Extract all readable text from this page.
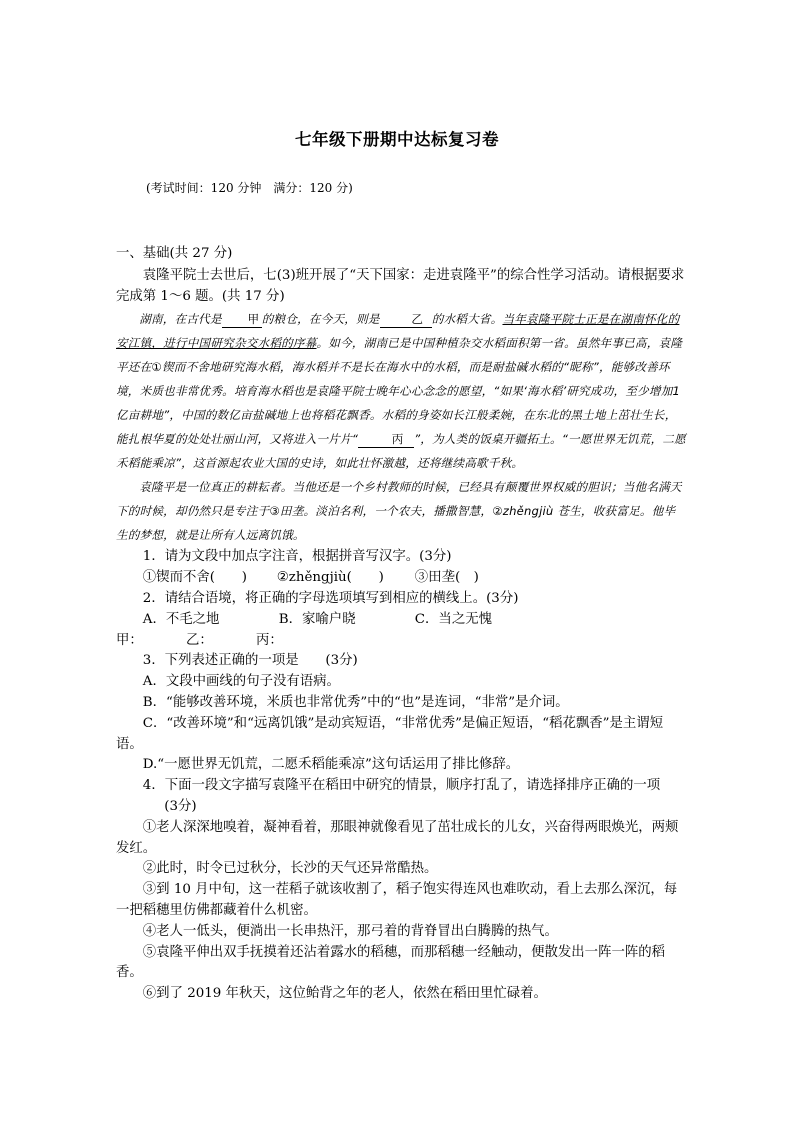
七年级下册期中达标复习卷
(考试时间：120 分钟　满分：120 分)

一、基础(共 27 分)

袁隆平院士去世后，七(3)班开展了“天下国家：走进袁隆平”的综合性学习活动。请根据要求完成第 1～6 题。(共 17 分)

湖南，在古代是 甲 的粮仓，在今天，则是	乙 的水稻大省。当年袁隆平院士正是在湖南怀化的安江镇，进行中国研究杂交水稻的序幕。如今，湖南已是中国种植杂交水稻面积第一省。虽然年事已高，袁隆平还在①锲而不舍地研究海水稻，海水稻并不是长在海水中的水稻，而是耐盐碱水稻的“昵称”，能够改善环境，米质也非常优秀。培育海水稻也是袁隆平院士晚年心心念念的愿望，“如果‘海水稻’研究成功，至少增加1亿亩耕地”，中国的数亿亩盐碱地上也将稻花飘香。水稻的身姿如长江般柔婉，在东北的黑土地上茁壮生长，能扎根华夏的处处壮丽山河，又将进入一片片“	丙 ”，为人类的饭桌开疆拓土。“一愿世界无饥荒，二愿禾稻能乘凉”，这首源起农业大国的史诗，如此壮怀激越，还将继续高歌千秋。

袁隆平是一位真正的耕耘者。当他还是一个乡村教师的时候，已经具有颠覆世界权威的胆识；当他名满天下的时候，却仍然只是专注于③田垄。淡泊名利，一个农夫，播撒智慧，②zhěngjiù 苍生，收获富足。他毕生的梦想，就是让所有人远离饥饿。

1．请为文段中加点字注音，根据拼音写汉字。(3分)

①锲而不舍(　　)	②zhěngjiù(　　)	③田垄(　)

2．请结合语境，将正确的字母选项填写到相应的横线上。(3分)

A．不毛之地	B．家喻户晓	C．当之无愧

甲：	乙：	丙：

3．下列表述正确的一项是　　(3分)

A．文段中画线的句子没有语病。

B．“能够改善环境，米质也非常优秀”中的“也”是连词，“非常”是介词。

C．“改善环境”和“远离饥饿”是动宾短语，“非常优秀”是偏正短语，“稻花飘香”是主谓短语。

D.“一愿世界无饥荒，二愿禾稻能乘凉”这句话运用了排比修辞。

4．下面一段文字描写袁隆平在稻田中研究的情景，顺序打乱了，请选择排序正确的一项

(3分)

①老人深深地嗅着，凝神看着，那眼神就像看见了茁壮成长的儿女，兴奋得两眼焕光，两颊发红。

②此时，时令已过秋分，长沙的天气还异常酷热。

③到 10 月中旬，这一茬稻子就该收割了，稻子饱实得连风也难吹动，看上去那么深沉，每一把稻穗里仿佛都藏着什么机密。

④老人一低头，便淌出一长串热汗，那弓着的背脊冒出白腾腾的热气。

⑤袁隆平伸出双手抚摸着还沾着露水的稻穗，而那稻穗一经触动，便散发出一阵一阵的稻香。

⑥到了 2019 年秋天，这位鲐背之年的老人，依然在稻田里忙碌着。
